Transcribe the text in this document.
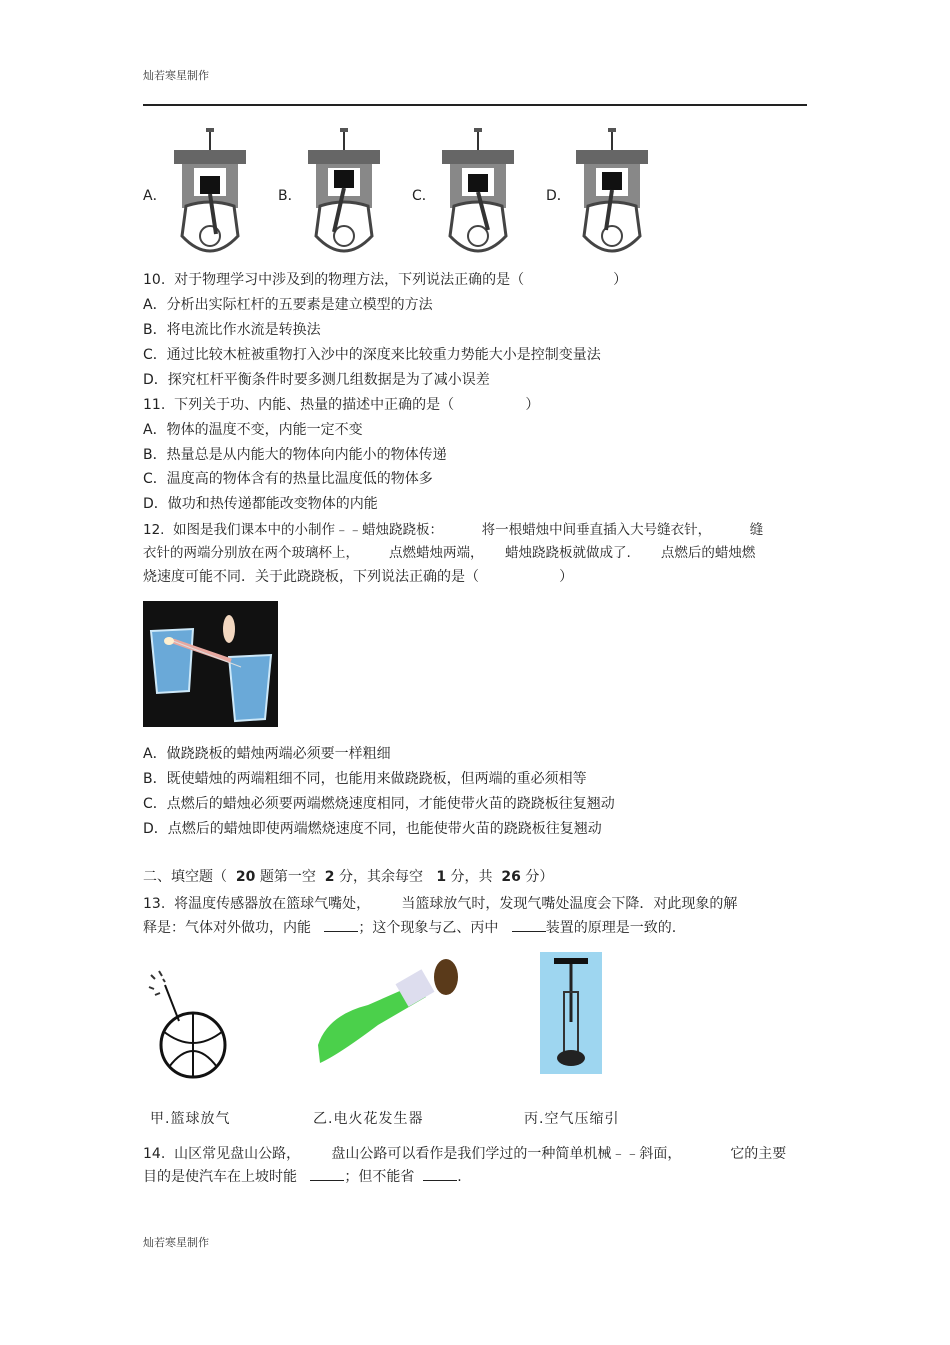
灿若寒星制作
A．	B．	C．	D．
10.  对于物理学习中涉及到的物理方法，下列说法正确的是（                    ）
A．分析出实际杠杆的五要素是建立模型的方法
B．将电流比作水流是转换法
C．通过比较木桩被重物打入沙中的深度来比较重力势能大小是控制变量法
D．探究杠杆平衡条件时要多测几组数据是为了减小误差
11.  下列关于功、内能、热量的描述中正确的是（                ）
A．物体的温度不变，内能一定不变
B．热量总是从内能大的物体向内能小的物体传递
C．温度高的物体含有的热量比温度低的物体多
D．做功和热传递都能改变物体的内能
12.  如图是我们课本中的小制作﹣﹣蜡烛跷跷板：         将一根蜡烛中间垂直插入大号缝衣针，         缝
衣针的两端分别放在两个玻璃杯上，       点燃蜡烛两端，     蜡烛跷跷板就做成了.       点燃后的蜡烛燃
烧速度可能不同．关于此跷跷板，下列说法正确的是（                  ）
A．做跷跷板的蜡烛两端必须要一样粗细
B．既使蜡烛的两端粗细不同，也能用来做跷跷板，但两端的重必须相等
C．点燃后的蜡烛必须要两端燃烧速度相同，才能使带火苗的跷跷板往复翘动
D．点燃后的蜡烛即使两端燃烧速度不同，也能使带火苗的跷跷板往复翘动
二、填空题（  20 题第一空  2 分，其余每空   1 分，共  26 分）
13.  将温度传感器放在篮球气嘴处，       当篮球放气时，发现气嘴处温度会下降．对此现象的解
释是：气体对外做功，内能   ；这个现象与乙、丙中   装置的原理是一致的.
甲.篮球放气	乙.电火花发生器	丙.空气压缩引
14.  山区常见盘山公路，       盘山公路可以看作是我们学过的一种简单机械﹣﹣斜面，           它的主要
目的是使汽车在上坡时能   ；但不能省  .
灿若寒星制作
